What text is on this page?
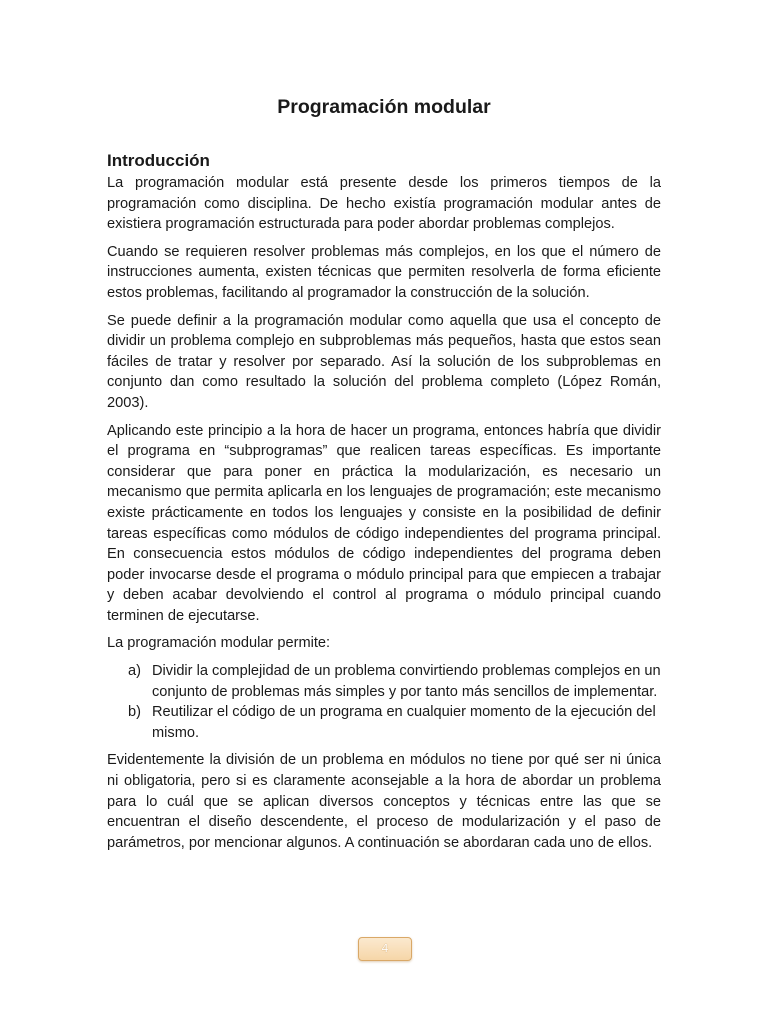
Programación modular
Introducción

La programación modular está presente desde los primeros tiempos de la programación como disciplina. De hecho existía programación modular antes de existiera programación estructurada para poder abordar problemas complejos.

Cuando se requieren resolver problemas más complejos, en los que el número de instrucciones aumenta, existen técnicas que permiten resolverla de forma eficiente estos problemas, facilitando al programador la construcción de la solución.

Se puede definir a la programación modular como aquella que usa el concepto de dividir un problema complejo en subproblemas más pequeños, hasta que estos sean fáciles de tratar y resolver por separado. Así la solución de los subproblemas en conjunto dan como resultado la solución del problema completo (López Román, 2003).

Aplicando este principio a la hora de hacer un programa, entonces habría que dividir el programa en “subprogramas” que realicen tareas específicas. Es importante considerar que para poner en práctica la modularización, es necesario un mecanismo que permita aplicarla en los lenguajes de programación; este mecanismo existe prácticamente en todos los lenguajes y consiste en la posibilidad de definir tareas específicas como módulos de código independientes del programa principal. En consecuencia estos módulos de código independientes del programa deben poder invocarse desde el programa o módulo principal para que empiecen a trabajar y deben acabar devolviendo el control al programa o módulo principal cuando terminen de ejecutarse.

La programación modular permite:

a) Dividir la complejidad de un problema convirtiendo problemas complejos en un conjunto de problemas más simples y por tanto más sencillos de implementar.
b) Reutilizar el código de un programa en cualquier momento de la ejecución del mismo.

Evidentemente la división de un problema en módulos no tiene por qué ser ni única ni obligatoria, pero si es claramente aconsejable a la hora de abordar un problema para lo cuál que se aplican diversos conceptos y técnicas entre las que se encuentran el diseño descendente, el proceso de modularización y el paso de parámetros, por mencionar algunos. A continuación se abordaran cada uno de ellos.

4
